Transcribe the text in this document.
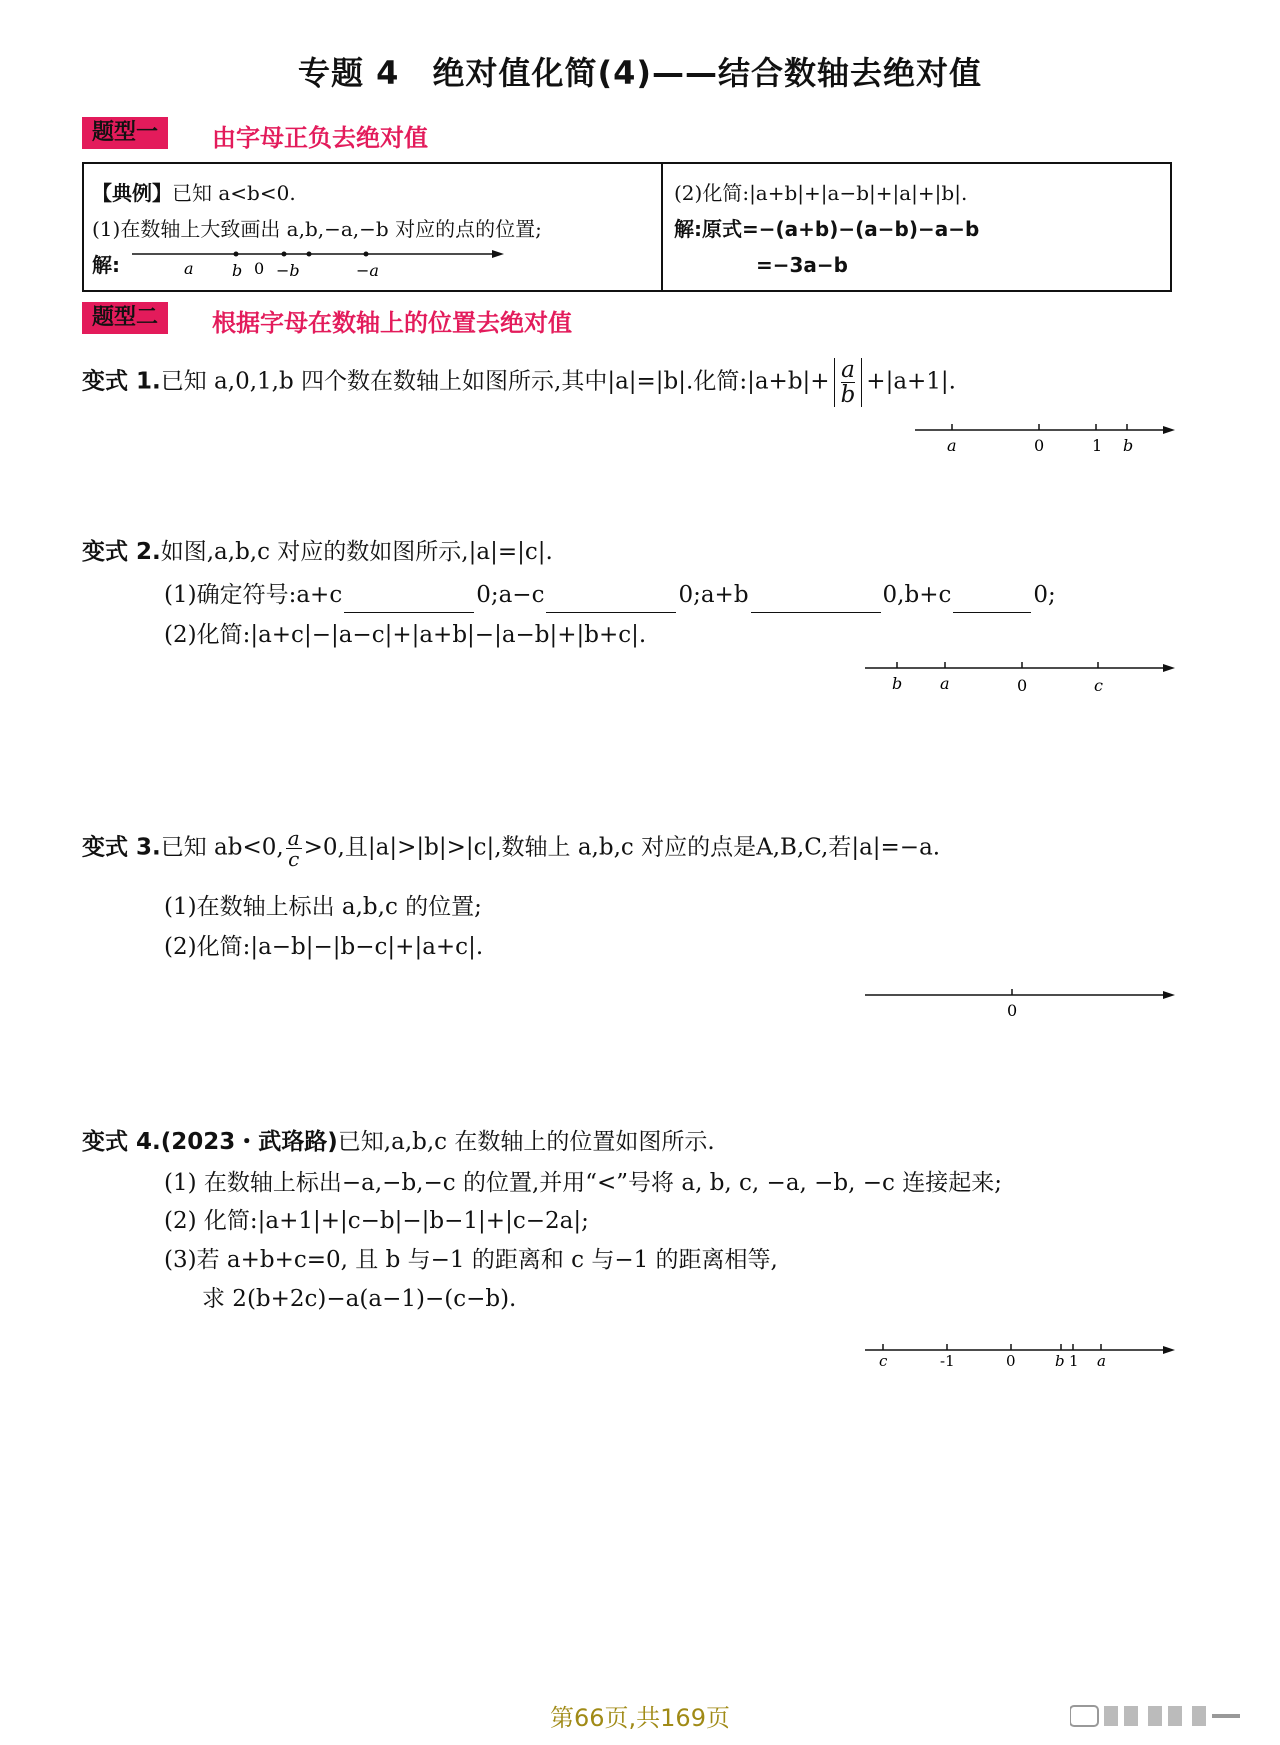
专题 4　绝对值化简(4)——结合数轴去绝对值
题型一	由字母正负去绝对值
【典例】已知 a<b<0.
(1)在数轴上大致画出 a,b,−a,−b 对应的点的位置;
解:	a b 0 −b	−a
(2)化简:|a+b|+|a−b|+|a|+|b|.
解:原式=−(a+b)−(a−b)−a−b
=−3a−b
题型二	根据字母在数轴上的位置去绝对值
变式 1.已知 a,0,1,b 四个数在数轴上如图所示,其中|a|=|b|.化简:|a+b|+ $\frac{a}{b} +|a+1|$.
a	0	1 b
变式 2.如图,a,b,c 对应的数如图所示,|a|=|c|.
(1)确定符号:a+c	0;a−c	0;a+b	0,b+c	0;
(2)化简:|a+c|−|a−c|+|a+b|−|a−b|+|b+c|.
b a	0	c
变式 3.已知 ab<0, $\frac{a}{c} >0$,且|a|>|b|>|c|,数轴上 a,b,c 对应的点是A,B,C,若|a|=−a.
(1)在数轴上标出 a,b,c 的位置;
(2)化简:|a−b|−|b−c|+|a+c|.
0
变式 4.(2023・武珞路)已知,a,b,c 在数轴上的位置如图所示.
(1) 在数轴上标出−a,−b,−c 的位置,并用“<”号将 a, b, c, −a, −b, −c 连接起来;
(2) 化简:|a+1|+|c−b|−|b−1|+|c−2a|;
(3)若 a+b+c=0, 且 b 与−1 的距离和 c 与−1 的距离相等,
求 2(b+2c)−a(a−1)−(c−b).
c	-1	0	b 1 a
第66页,共169页
